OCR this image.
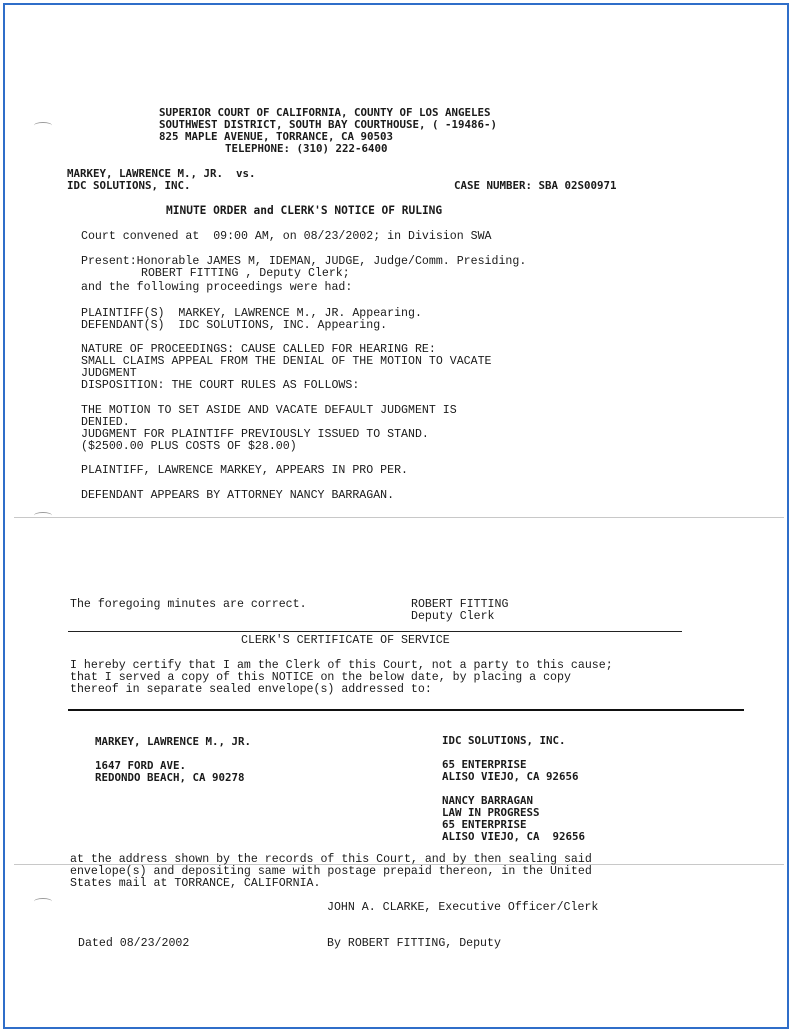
SUPERIOR COURT OF CALIFORNIA, COUNTY OF LOS ANGELES
SOUTHWEST DISTRICT, SOUTH BAY COURTHOUSE, ( -19486-)
825 MAPLE AVENUE, TORRANCE, CA 90503
TELEPHONE: (310) 222-6400
MARKEY, LAWRENCE M., JR.  vs.
IDC SOLUTIONS, INC.	CASE NUMBER: SBA 02S00971
MINUTE ORDER and CLERK'S NOTICE OF RULING
Court convened at  09:00 AM, on 08/23/2002; in Division SWA
Present:Honorable JAMES M, IDEMAN, JUDGE, Judge/Comm. Presiding.
ROBERT FITTING , Deputy Clerk;
and the following proceedings were had:
PLAINTIFF(S)  MARKEY, LAWRENCE M., JR. Appearing.
DEFENDANT(S)  IDC SOLUTIONS, INC. Appearing.
NATURE OF PROCEEDINGS: CAUSE CALLED FOR HEARING RE:
SMALL CLAIMS APPEAL FROM THE DENIAL OF THE MOTION TO VACATE
JUDGMENT
DISPOSITION: THE COURT RULES AS FOLLOWS:
THE MOTION TO SET ASIDE AND VACATE DEFAULT JUDGMENT IS
DENIED.
JUDGMENT FOR PLAINTIFF PREVIOUSLY ISSUED TO STAND.
($2500.00 PLUS COSTS OF $28.00)
PLAINTIFF, LAWRENCE MARKEY, APPEARS IN PRO PER.
DEFENDANT APPEARS BY ATTORNEY NANCY BARRAGAN.
The foregoing minutes are correct.	ROBERT FITTING
Deputy Clerk
CLERK'S CERTIFICATE OF SERVICE
I hereby certify that I am the Clerk of this Court, not a party to this cause;
that I served a copy of this NOTICE on the below date, by placing a copy
thereof in separate sealed envelope(s) addressed to:
MARKEY, LAWRENCE M., JR.
1647 FORD AVE.
REDONDO BEACH, CA 90278
IDC SOLUTIONS, INC.
65 ENTERPRISE
ALISO VIEJO, CA 92656
NANCY BARRAGAN
LAW IN PROGRESS
65 ENTERPRISE
ALISO VIEJO, CA  92656
at the address shown by the records of this Court, and by then sealing said
envelope(s) and depositing same with postage prepaid thereon, in the United
States mail at TORRANCE, CALIFORNIA.
JOHN A. CLARKE, Executive Officer/Clerk
Dated 08/23/2002	By ROBERT FITTING, Deputy
